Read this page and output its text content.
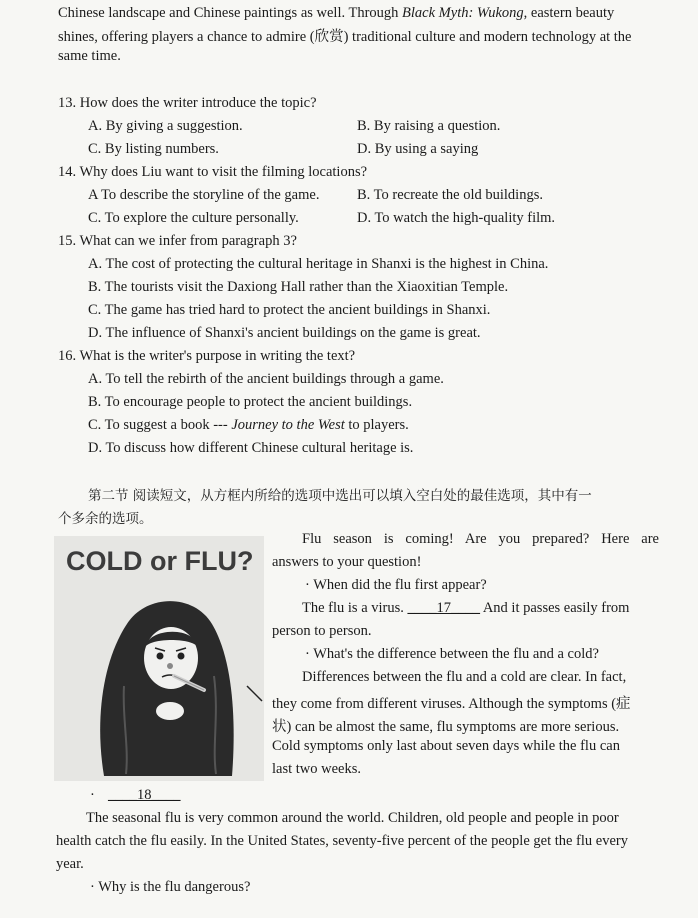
Chinese landscape and Chinese paintings as well. Through Black Myth: Wukong, eastern beauty
shines, offering players a chance to admire (欣赏) traditional culture and modern technology at the
same time.
13. How does the writer introduce the topic?
A. By giving a suggestion.	B. By raising a question.
C. By listing numbers.	D. By using a saying
14. Why does Liu want to visit the filming locations?
A To describe the storyline of the game.	B. To recreate the old buildings.
C. To explore the culture personally.	D. To watch the high-quality film.
15. What can we infer from paragraph 3?
A. The cost of protecting the cultural heritage in Shanxi is the highest in China.
B. The tourists visit the Daxiong Hall rather than the Xiaoxitian Temple.
C. The game has tried hard to protect the ancient buildings in Shanxi.
D. The influence of Shanxi's ancient buildings on the game is great.
16. What is the writer's purpose in writing the text?
A. To tell the rebirth of the ancient buildings through a game.
B. To encourage people to protect the ancient buildings.
C. To suggest a book --- Journey to the West to players.
D. To discuss how different Chinese cultural heritage is.
第二节 阅读短文，从方框内所给的选项中选出可以填入空白处的最佳选项，其中有一
个多余的选项。
COLD or FLU?
Flu season is coming! Are you prepared? Here are
answers to your question!
· When did the flu first appear?
The flu is a virus. ____17____ And it passes easily from
person to person.
· What's the difference between the flu and a cold?
Differences between the flu and a cold are clear. In fact,
they come from different viruses. Although the symptoms (症
状) can be almost the same, flu symptoms are more serious.
Cold symptoms only last about seven days while the flu can
last two weeks.
· ____18____
The seasonal flu is very common around the world. Children, old people and people in poor
health catch the flu easily. In the United States, seventy-five percent of the people get the flu every
year.
· Why is the flu dangerous?
